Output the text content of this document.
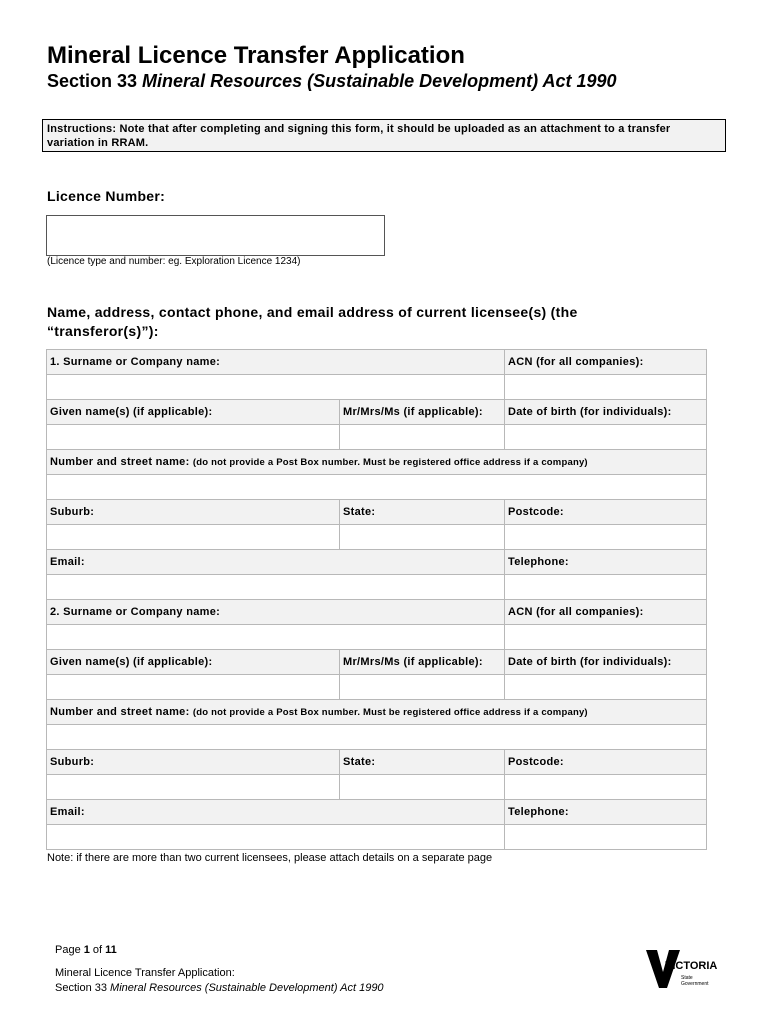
Mineral Licence Transfer Application
Section 33 Mineral Resources (Sustainable Development) Act 1990
Instructions: Note that after completing and signing this form, it should be uploaded as an attachment to a transfer variation in RRAM.
Licence Number:
(Licence type and number: eg. Exploration Licence 1234)
Name, address, contact phone, and email address of current licensee(s) (the “transferor(s)”):
1. Surname or Company name:		ACN (for all companies):

Given name(s) (if applicable):	Mr/Mrs/Ms (if applicable):	Date of birth (for individuals):

Number and street name: (do not provide a Post Box number. Must be registered office address if a company)		

Suburb:	State:	Postcode:

Email:		Telephone:

2. Surname or Company name:		ACN (for all companies):

Given name(s) (if applicable):	Mr/Mrs/Ms (if applicable):	Date of birth (for individuals):

Number and street name: (do not provide a Post Box number. Must be registered office address if a company)		

Suburb:	State:	Postcode:

Email:		Telephone:

Note: if there are more than two current licensees, please attach details on a separate page
Page 1 of 11
Mineral Licence Transfer Application:
Section 33 Mineral Resources (Sustainable Development) Act 1990
VICTORIA
State
Government
